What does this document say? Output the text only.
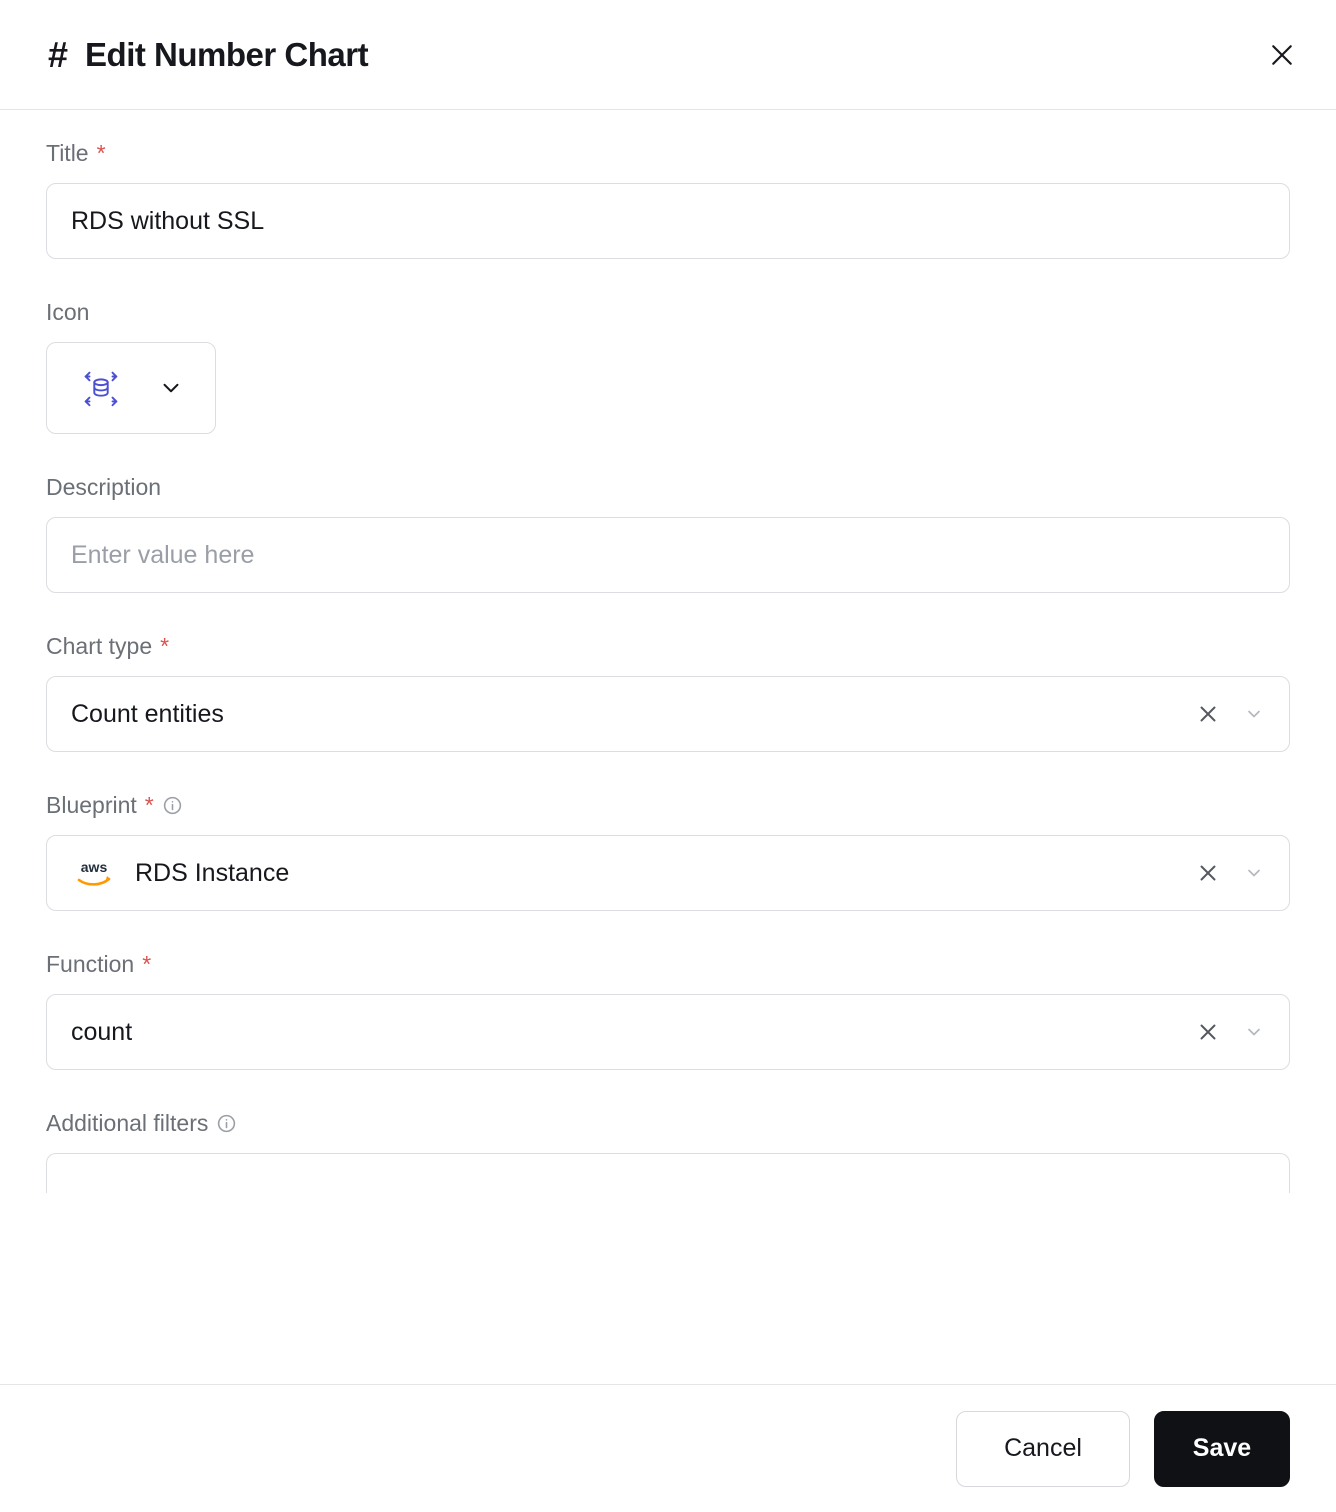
# Edit Number Chart
Title *
RDS without SSL
Icon
Description
Enter value here
Chart type *
Count entities
Blueprint *
aws RDS Instance
Function *
count
Additional filters
Cancel	Save
